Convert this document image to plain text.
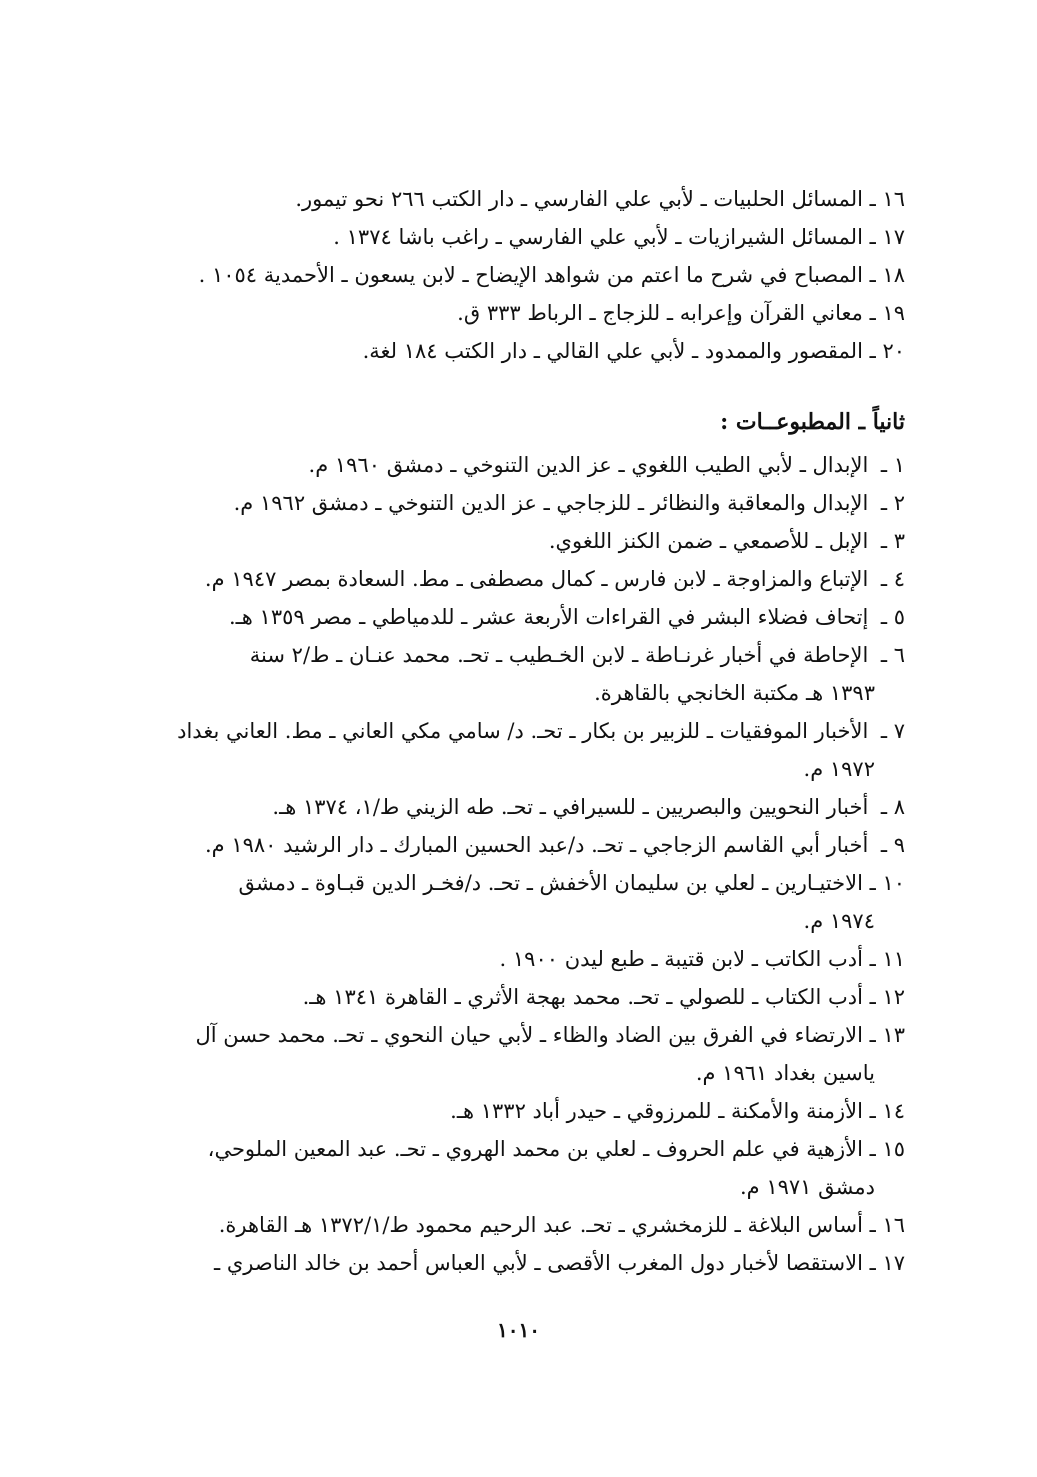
١٦ ـ المسائل الحلبيات ـ لأبي علي الفارسي ـ دار الكتب ٢٦٦ نحو تيمور.
١٧ ـ المسائل الشيرازيات ـ لأبي علي الفارسي ـ راغب باشا ١٣٧٤ .
١٨ ـ المصباح في شرح ما اعتم من شواهد الإيضاح ـ لابن يسعون ـ الأحمدية ١٠٥٤ .
١٩ ـ معاني القرآن وإعرابه ـ للزجاج ـ الرباط ٣٣٣ ق.
٢٠ ـ المقصور والممدود ـ لأبي علي القالي ـ دار الكتب ١٨٤ لغة.
ثانياً ـ المطبوعــات :
١ ـ الإبدال ـ لأبي الطيب اللغوي ـ عز الدين التنوخي ـ دمشق ١٩٦٠ م.
٢ ـ الإبدال والمعاقبة والنظائر ـ للزجاجي ـ عز الدين التنوخي ـ دمشق ١٩٦٢ م.
٣ ـ الإبل ـ للأصمعي ـ ضمن الكنز اللغوي.
٤ ـ الإتباع والمزاوجة ـ لابن فارس ـ كمال مصطفى ـ مط. السعادة بمصر ١٩٤٧ م.
٥ ـ إتحاف فضلاء البشر في القراءات الأربعة عشر ـ للدمياطي ـ مصر ١٣٥٩ هـ.
٦ ـ الإحاطة في أخبار غرنـاطة ـ لابن الخـطيب ـ تحـ. محمد عنـان ـ ط/٢ سنة
١٣٩٣ هـ مكتبة الخانجي بالقاهرة.
٧ ـ الأخبار الموفقيات ـ للزبير بن بكار ـ تحـ. د/ سامي مكي العاني ـ مط. العاني بغداد
١٩٧٢ م.
٨ ـ أخبار النحويين والبصريين ـ للسيرافي ـ تحـ. طه الزيني ط/١، ١٣٧٤ هـ.
٩ ـ أخبار أبي القاسم الزجاجي ـ تحـ. د/عبد الحسين المبارك ـ دار الرشيد ١٩٨٠ م.
١٠ ـ الاختيـارين ـ لعلي بن سليمان الأخفش ـ تحـ. د/فخـر الدين قبـاوة ـ دمشق
١٩٧٤ م.
١١ ـ أدب الكاتب ـ لابن قتيبة ـ طبع ليدن ١٩٠٠ .
١٢ ـ أدب الكتاب ـ للصولي ـ تحـ. محمد بهجة الأثري ـ القاهرة ١٣٤١ هـ.
١٣ ـ الارتضاء في الفرق بين الضاد والظاء ـ لأبي حيان النحوي ـ تحـ. محمد حسن آل
ياسين بغداد ١٩٦١ م.
١٤ ـ الأزمنة والأمكنة ـ للمرزوقي ـ حيدر أباد ١٣٣٢ هـ.
١٥ ـ الأزهية في علم الحروف ـ لعلي بن محمد الهروي ـ تحـ. عبد المعين الملوحي،
دمشق ١٩٧١ م.
١٦ ـ أساس البلاغة ـ للزمخشري ـ تحـ. عبد الرحيم محمود ط/١٣٧٢/١ هـ القاهرة.
١٧ ـ الاستقصا لأخبار دول المغرب الأقصى ـ لأبي العباس أحمد بن خالد الناصري ـ
١٠١٠
